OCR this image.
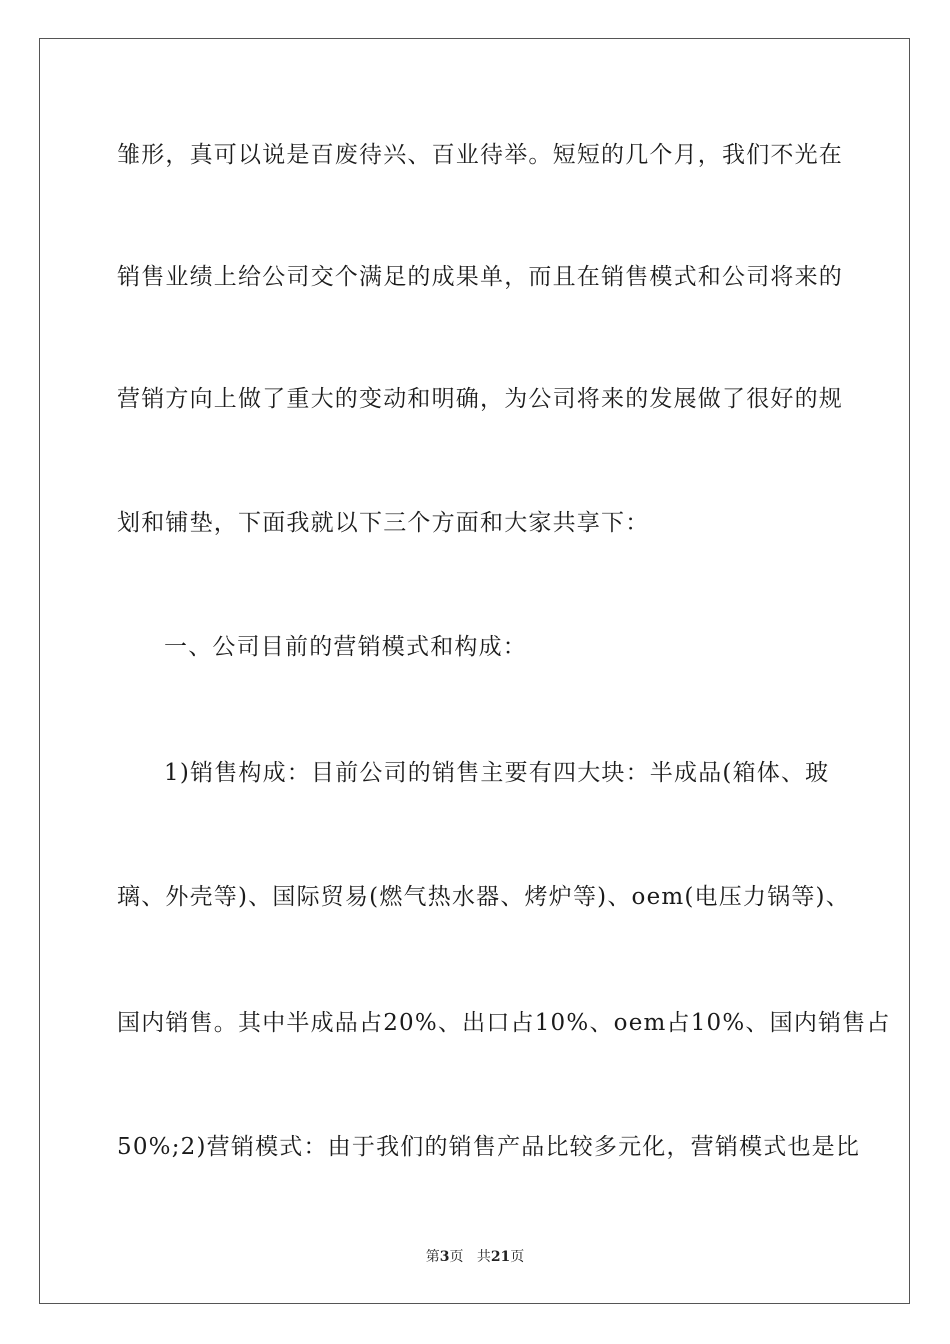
雏形，真可以说是百废待兴、百业待举。短短的几个月，我们不光在
销售业绩上给公司交个满足的成果单，而且在销售模式和公司将来的
营销方向上做了重大的变动和明确，为公司将来的发展做了很好的规
划和铺垫，下面我就以下三个方面和大家共享下：
一、公司目前的营销模式和构成：
1)销售构成：目前公司的销售主要有四大块：半成品(箱体、玻
璃、外壳等)、国际贸易(燃气热水器、烤炉等)、oem(电压力锅等)、
国内销售。其中半成品占20%、出口占10%、oem占10%、国内销售占
50%;2)营销模式：由于我们的销售产品比较多元化，营销模式也是比
第3页 共21页
